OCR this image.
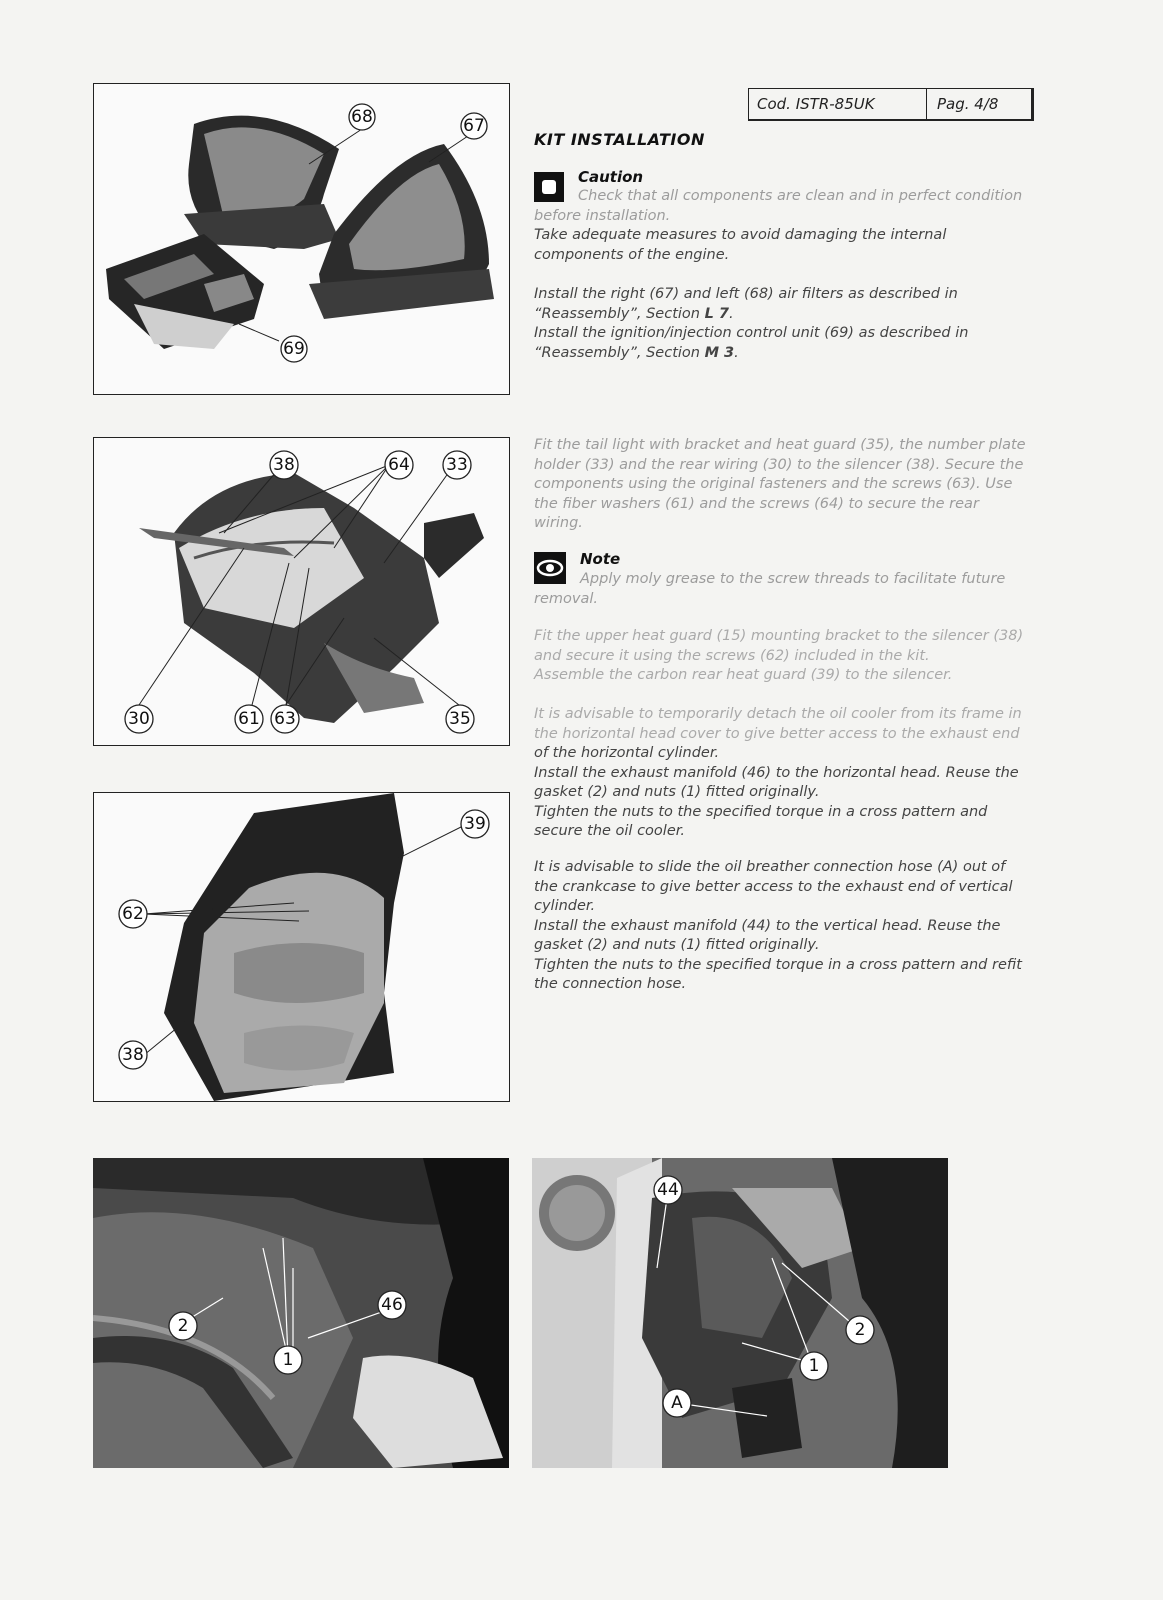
Cod. ISTR-85UK	Pag. 4/8
KIT INSTALLATION
Caution

Check that all components are clean and in perfect condition

before installation.

Take adequate measures to avoid damaging the internal

components of the engine.

Install the right (67) and left (68) air filters as described in

“Reassembly”, Section L 7.

Install the ignition/injection control unit (69) as described in

“Reassembly”, Section M 3.

Fit the tail light with bracket and heat guard (35), the number plate

holder (33) and the rear wiring (30) to the silencer (38). Secure the

components using the original fasteners and the screws (63). Use

the fiber washers (61) and the screws (64) to secure the rear

wiring.

Note

Apply moly grease to the screw threads to facilitate future

removal.

Fit the upper heat guard (15) mounting bracket to the silencer (38)

and secure it using the screws (62) included in the kit.

Assemble the carbon rear heat guard (39) to the silencer.

It is advisable to temporarily detach the oil cooler from its frame in

the horizontal head cover to give better access to the exhaust end

of the horizontal cylinder.

Install the exhaust manifold (46) to the horizontal head. Reuse the

gasket (2) and nuts (1) fitted originally.

Tighten the nuts to the specified torque in a cross pattern and

secure the oil cooler.

It is advisable to slide the oil breather connection hose (A) out of

the crankcase to give better access to the exhaust end of vertical

cylinder.

Install the exhaust manifold (44) to the vertical head. Reuse the

gasket (2) and nuts (1) fitted originally.

Tighten the nuts to the specified torque in a cross pattern and refit

the connection hose.

68	67
69
38	64 33
30	61 63	35
39
62
38
2
46
1
44
2
1
A
